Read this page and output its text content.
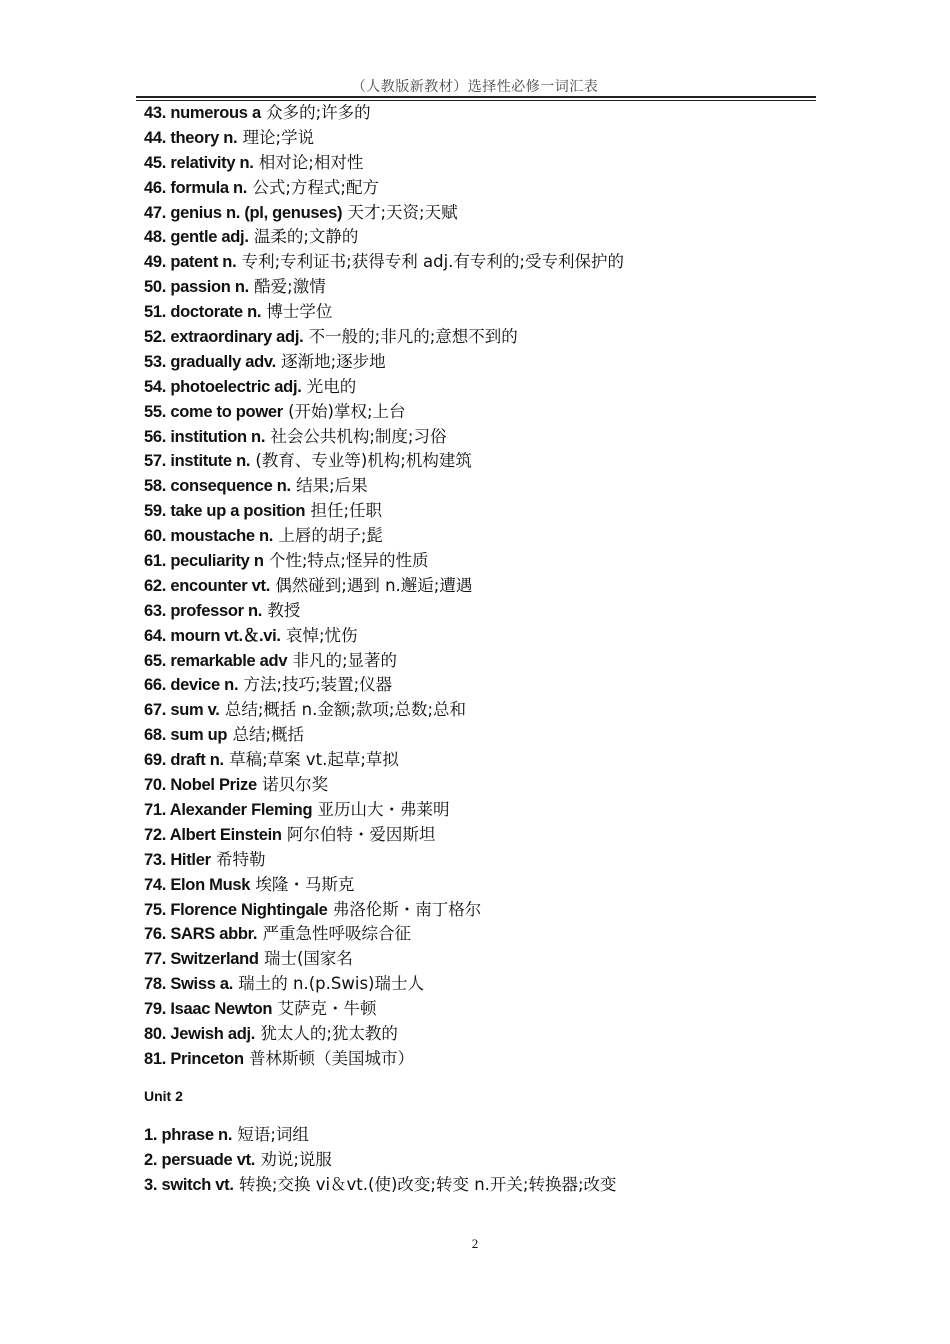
（人教版新教材）选择性必修一词汇表
43. numerous a 众多的;许多的
44. theory n. 理论;学说
45. relativity n. 相对论;相对性
46. formula n. 公式;方程式;配方
47. genius n. (pl, genuses) 天才;天资;天赋
48. gentle adj. 温柔的;文静的
49. patent n. 专利;专利证书;获得专利 adj.有专利的;受专利保护的
50. passion n. 酷爱;激情
51. doctorate n. 博士学位
52. extraordinary adj. 不一般的;非凡的;意想不到的
53. gradually adv. 逐渐地;逐步地
54. photoelectric adj. 光电的
55. come to power (开始)掌权;上台
56. institution n. 社会公共机构;制度;习俗
57. institute n. (教育、专业等)机构;机构建筑
58. consequence n. 结果;后果
59. take up a position 担任;任职
60. moustache n. 上唇的胡子;髭
61. peculiarity n 个性;特点;怪异的性质
62. encounter vt. 偶然碰到;遇到 n.邂逅;遭遇
63. professor n. 教授
64. mourn vt.＆.vi. 哀悼;忧伤
65. remarkable adv 非凡的;显著的
66. device n. 方法;技巧;装置;仪器
67. sum v. 总结;概括 n.金额;款项;总数;总和
68. sum up 总结;概括
69. draft n. 草稿;草案 vt.起草;草拟
70. Nobel Prize 诺贝尔奖
71. Alexander Fleming 亚历山大・弗莱明
72. Albert Einstein 阿尔伯特・爱因斯坦
73. Hitler 希特勒
74. Elon Musk 埃隆・马斯克
75. Florence Nightingale 弗洛伦斯・南丁格尔
76. SARS abbr. 严重急性呼吸综合征
77. Switzerland 瑞士(国家名
78. Swiss a. 瑞土的 n.(p.Swis)瑞士人
79. Isaac Newton 艾萨克・牛顿
80. Jewish adj. 犹太人的;犹太教的
81. Princeton 普林斯顿（美国城市）
Unit 2
1. phrase n. 短语;词组
2. persuade vt. 劝说;说服
3. switch vt. 转换;交换 vi＆vt.(使)改变;转变 n.开关;转换器;改变
2
